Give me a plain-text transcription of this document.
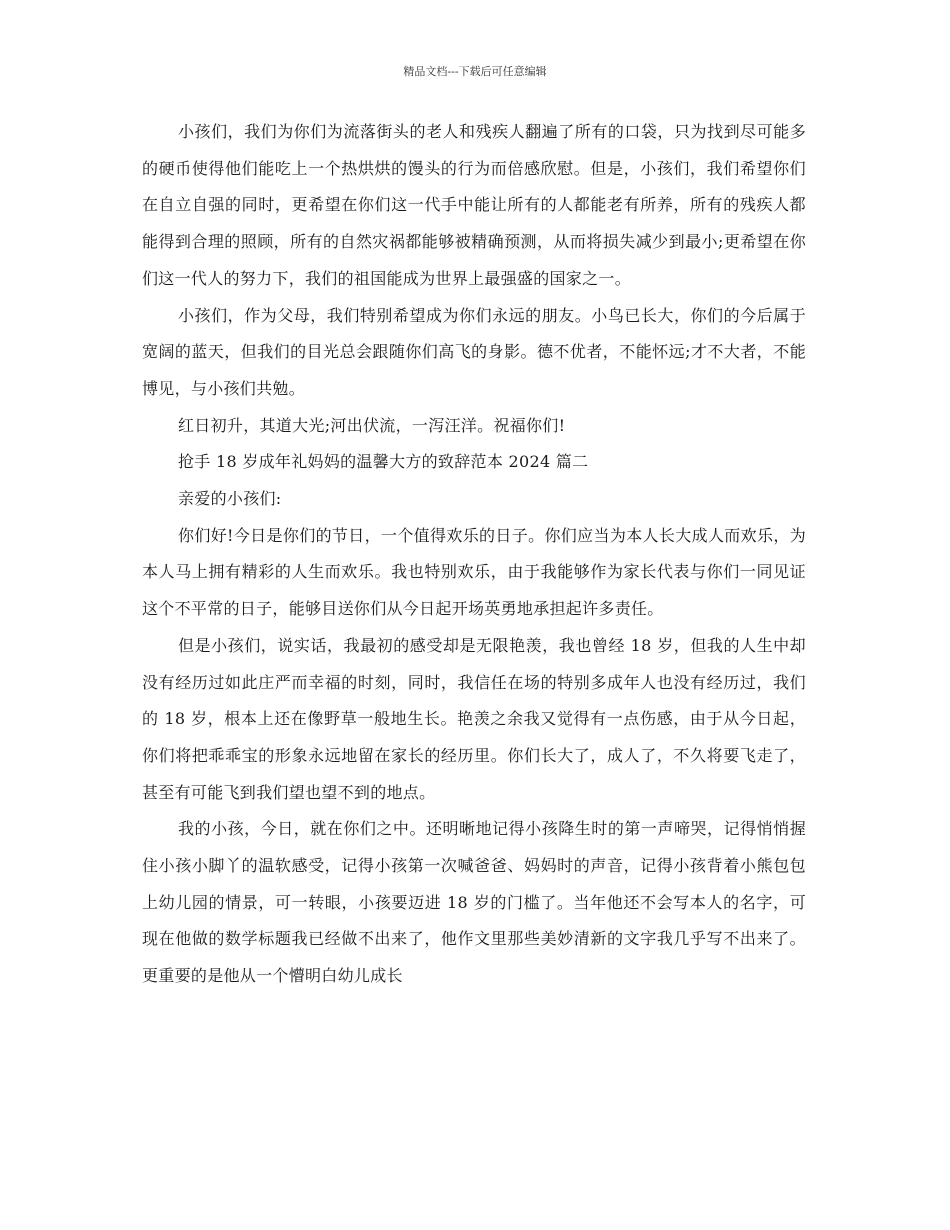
精品文档---下载后可任意编辑

小孩们，我们为你们为流落街头的老人和残疾人翻遍了所有的口袋，只为找到尽可能多的硬币使得他们能吃上一个热烘烘的馒头的行为而倍感欣慰。但是，小孩们，我们希望你们在自立自强的同时，更希望在你们这一代手中能让所有的人都能老有所养，所有的残疾人都能得到合理的照顾，所有的自然灾祸都能够被精确预测，从而将损失减少到最小;更希望在你们这一代人的努力下，我们的祖国能成为世界上最强盛的国家之一。

小孩们，作为父母，我们特别希望成为你们永远的朋友。小鸟已长大，你们的今后属于宽阔的蓝天，但我们的目光总会跟随你们高飞的身影。德不优者，不能怀远;才不大者，不能博见，与小孩们共勉。

红日初升，其道大光;河出伏流，一泻汪洋。祝福你们!

抢手 18 岁成年礼妈妈的温馨大方的致辞范本 2024 篇二

亲爱的小孩们:

你们好!今日是你们的节日，一个值得欢乐的日子。你们应当为本人长大成人而欢乐，为本人马上拥有精彩的人生而欢乐。我也特别欢乐，由于我能够作为家长代表与你们一同见证这个不平常的日子，能够目送你们从今日起开场英勇地承担起许多责任。

但是小孩们，说实话，我最初的感受却是无限艳羡，我也曾经 18 岁，但我的人生中却没有经历过如此庄严而幸福的时刻，同时，我信任在场的特别多成年人也没有经历过，我们的 18 岁，根本上还在像野草一般地生长。艳羡之余我又觉得有一点伤感，由于从今日起，你们将把乖乖宝的形象永远地留在家长的经历里。你们长大了，成人了，不久将要飞走了，甚至有可能飞到我们望也望不到的地点。

我的小孩，今日，就在你们之中。还明晰地记得小孩降生时的第一声啼哭，记得悄悄握住小孩小脚丫的温软感受，记得小孩第一次喊爸爸、妈妈时的声音，记得小孩背着小熊包包上幼儿园的情景，可一转眼，小孩要迈进 18 岁的门槛了。当年他还不会写本人的名字，可现在他做的数学标题我已经做不出来了，他作文里那些美妙清新的文字我几乎写不出来了。更重要的是他从一个懵明白幼儿成长
